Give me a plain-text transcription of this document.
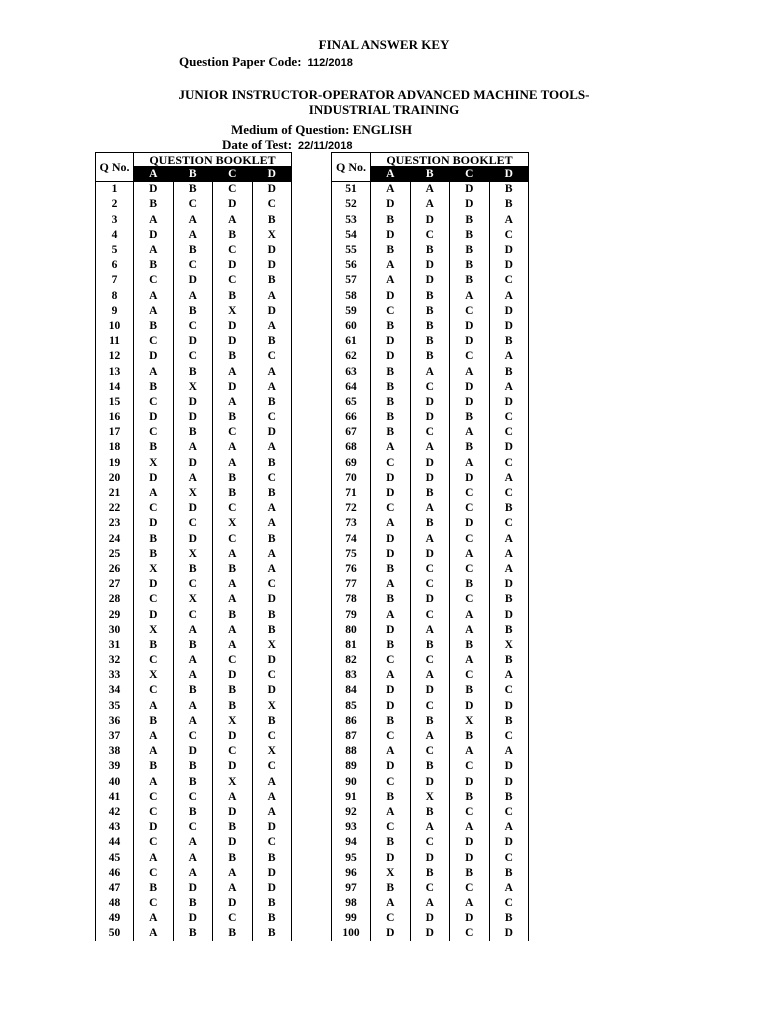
FINAL ANSWER KEY
Question Paper Code: 112/2018
JUNIOR INSTRUCTOR-OPERATOR ADVANCED MACHINE TOOLS-
INDUSTRIAL TRAINING
Medium of Question: ENGLISH
Date of Test: 22/11/2018
Q No.	QUESTION BOOKLET			
	A	B	C	D
1	D	B	C	D
2	B	C	D	C
3	A	A	A	B
4	D	A	B	X
5	A	B	C	D
6	B	C	D	D
7	C	D	C	B
8	A	A	B	A
9	A	B	X	D
10	B	C	D	A
11	C	D	D	B
12	D	C	B	C
13	A	B	A	A
14	B	X	D	A
15	C	D	A	B
16	D	D	B	C
17	C	B	C	D
18	B	A	A	A
19	X	D	A	B
20	D	A	B	C
21	A	X	B	B
22	C	D	C	A
23	D	C	X	A
24	B	D	C	B
25	B	X	A	A
26	X	B	B	A
27	D	C	A	C
28	C	X	A	D
29	D	C	B	B
30	X	A	A	B
31	B	B	A	X
32	C	A	C	D
33	X	A	D	C
34	C	B	B	D
35	A	A	B	X
36	B	A	X	B
37	A	C	D	C
38	A	D	C	X
39	B	B	D	C
40	A	B	X	A
41	C	C	A	A
42	C	B	D	A
43	D	C	B	D
44	C	A	D	C
45	A	A	B	B
46	C	A	A	D
47	B	D	A	D
48	C	B	D	B
49	A	D	C	B
50	A	B	B	B
Q No.	QUESTION BOOKLET			
	A	B	C	D
51	A	A	D	B
52	D	A	D	B
53	B	D	B	A
54	D	C	B	C
55	B	B	B	D
56	A	D	B	D
57	A	D	B	C
58	D	B	A	A
59	C	B	C	D
60	B	B	D	D
61	D	B	D	B
62	D	B	C	A
63	B	A	A	B
64	B	C	D	A
65	B	D	D	D
66	B	D	B	C
67	B	C	A	C
68	A	A	B	D
69	C	D	A	C
70	D	D	D	A
71	D	B	C	C
72	C	A	C	B
73	A	B	D	C
74	D	A	C	A
75	D	D	A	A
76	B	C	C	A
77	A	C	B	D
78	B	D	C	B
79	A	C	A	D
80	D	A	A	B
81	B	B	B	X
82	C	C	A	B
83	A	A	C	A
84	D	D	B	C
85	D	C	D	D
86	B	B	X	B
87	C	A	B	C
88	A	C	A	A
89	D	B	C	D
90	C	D	D	D
91	B	X	B	B
92	A	B	C	C
93	C	A	A	A
94	B	C	D	D
95	D	D	D	C
96	X	B	B	B
97	B	C	C	A
98	A	A	A	C
99	C	D	D	B
100	D	D	C	D
